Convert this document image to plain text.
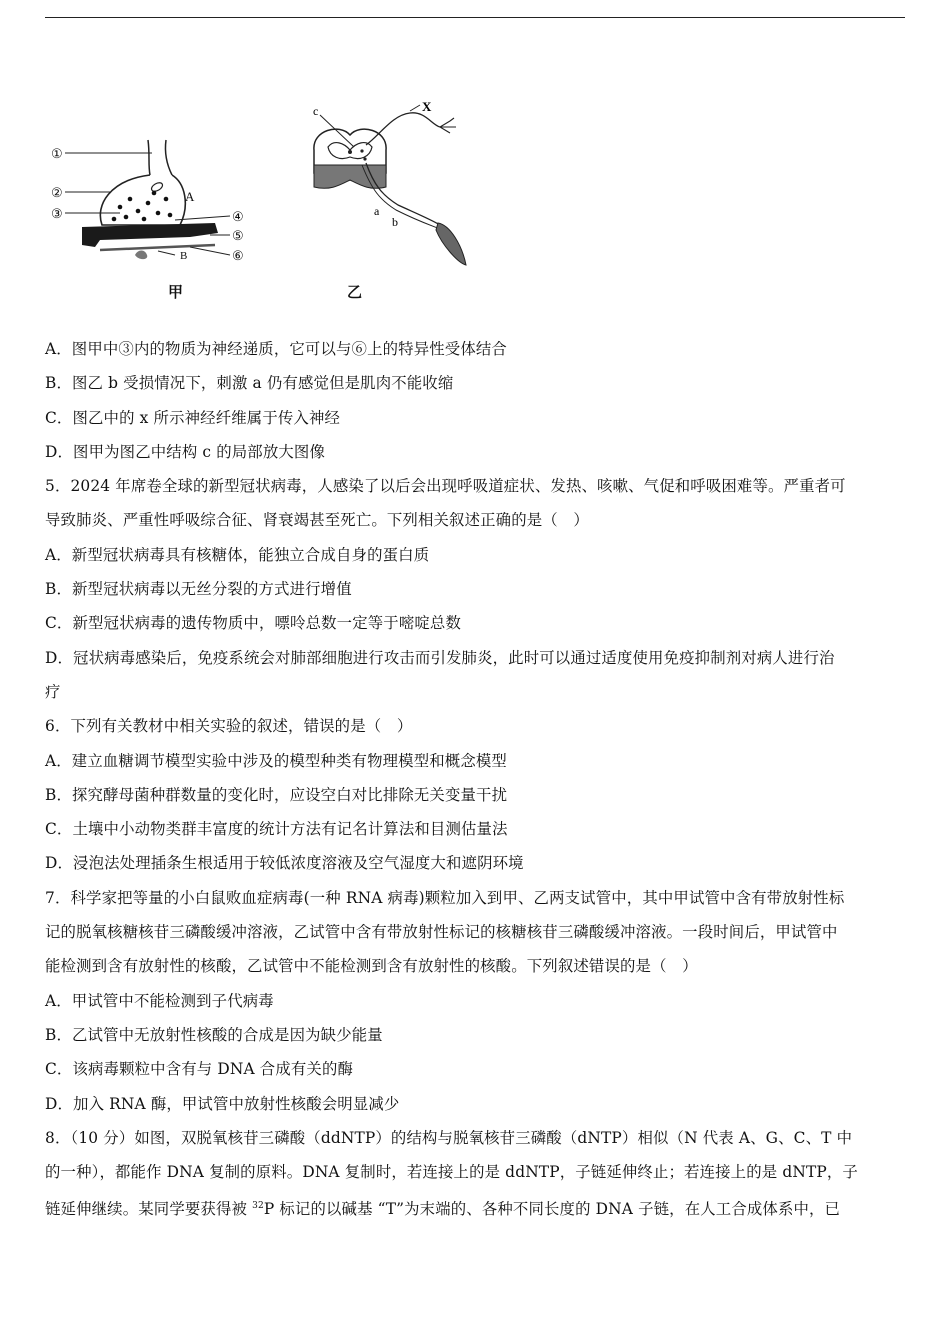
①
②
③	④
⑤
⑥
A
B
甲
X
c
a
b
乙
A．图甲中③内的物质为神经递质，它可以与⑥上的特异性受体结合
B．图乙 b 受损情况下，刺激 a 仍有感觉但是肌肉不能收缩
C．图乙中的 x 所示神经纤维属于传入神经
D．图甲为图乙中结构 c 的局部放大图像
5．2024 年席卷全球的新型冠状病毒，人感染了以后会出现呼吸道症状、发热、咳嗽、气促和呼吸困难等。严重者可
导致肺炎、严重性呼吸综合征、肾衰竭甚至死亡。下列相关叙述正确的是（　）
A．新型冠状病毒具有核糖体，能独立合成自身的蛋白质
B．新型冠状病毒以无丝分裂的方式进行增值
C．新型冠状病毒的遗传物质中，嘌呤总数一定等于嘧啶总数
D．冠状病毒感染后，免疫系统会对肺部细胞进行攻击而引发肺炎，此时可以通过适度使用免疫抑制剂对病人进行治
疗
6．下列有关教材中相关实验的叙述，错误的是（　）
A．建立血糖调节模型实验中涉及的模型种类有物理模型和概念模型
B．探究酵母菌种群数量的变化时，应设空白对比排除无关变量干扰
C．土壤中小动物类群丰富度的统计方法有记名计算法和目测估量法
D．浸泡法处理插条生根适用于较低浓度溶液及空气湿度大和遮阴环境
7．科学家把等量的小白鼠败血症病毒(一种 RNA 病毒)颗粒加入到甲、乙两支试管中，其中甲试管中含有带放射性标
记的脱氧核糖核苷三磷酸缓冲溶液，乙试管中含有带放射性标记的核糖核苷三磷酸缓冲溶液。一段时间后，甲试管中
能检测到含有放射性的核酸，乙试管中不能检测到含有放射性的核酸。下列叙述错误的是（　）
A．甲试管中不能检测到子代病毒
B．乙试管中无放射性核酸的合成是因为缺少能量
C．该病毒颗粒中含有与 DNA 合成有关的酶
D．加入 RNA 酶，甲试管中放射性核酸会明显减少
8．（10 分）如图，双脱氧核苷三磷酸（ddNTP）的结构与脱氧核苷三磷酸（dNTP）相似（N 代表 A、G、C、T 中
的一种），都能作 DNA 复制的原料。DNA 复制时，若连接上的是 ddNTP，子链延伸终止；若连接上的是 dNTP，子
链延伸继续。某同学要获得被 $^{32}$P 标记的以碱基 “T”为末端的、各种不同长度的 DNA 子链，在人工合成体系中，已
